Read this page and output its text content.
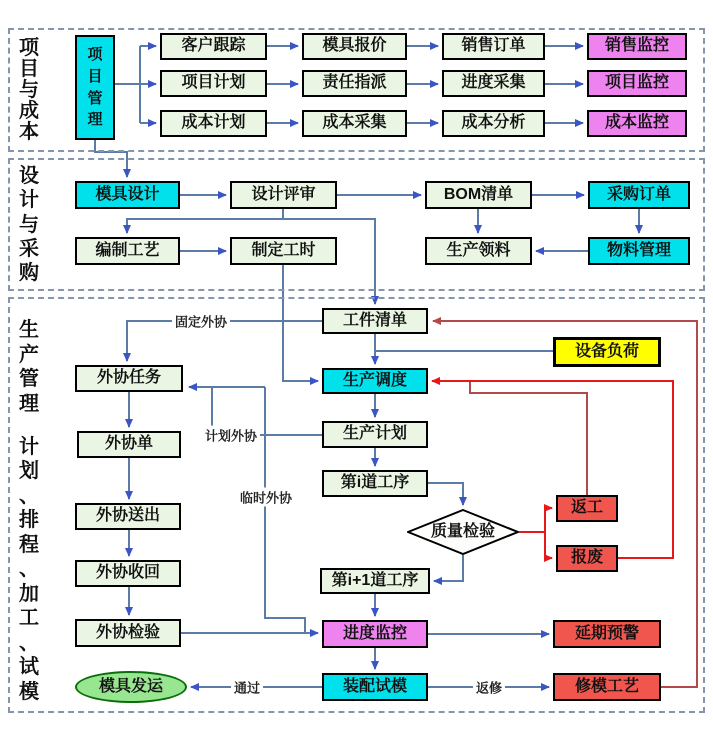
项
目
与
成
本
设
计
与
采
购
生
产
管
理
计
划
、
排
程
、
加
工
、
试
模
项
目
管
理
客户跟踪	模具报价	销售订单	销售监控
项目计划	责任指派	进度采集	项目监控
成本计划	成本采集	成本分析	成本监控
模具设计	设计评审	BOM清单	采购订单
编制工艺	制定工时	生产领料	物料管理
工件清单
设备负荷
生产调度
生产计划
第i道工序
质量检验
返工
报废
第i+1道工序
进度监控	延期预警
装配试模	修模工艺
模具发运
外协任务
外协单
外协送出
外协收回
外协检验
固定外协
计划外协
临时外协
通过	返修
